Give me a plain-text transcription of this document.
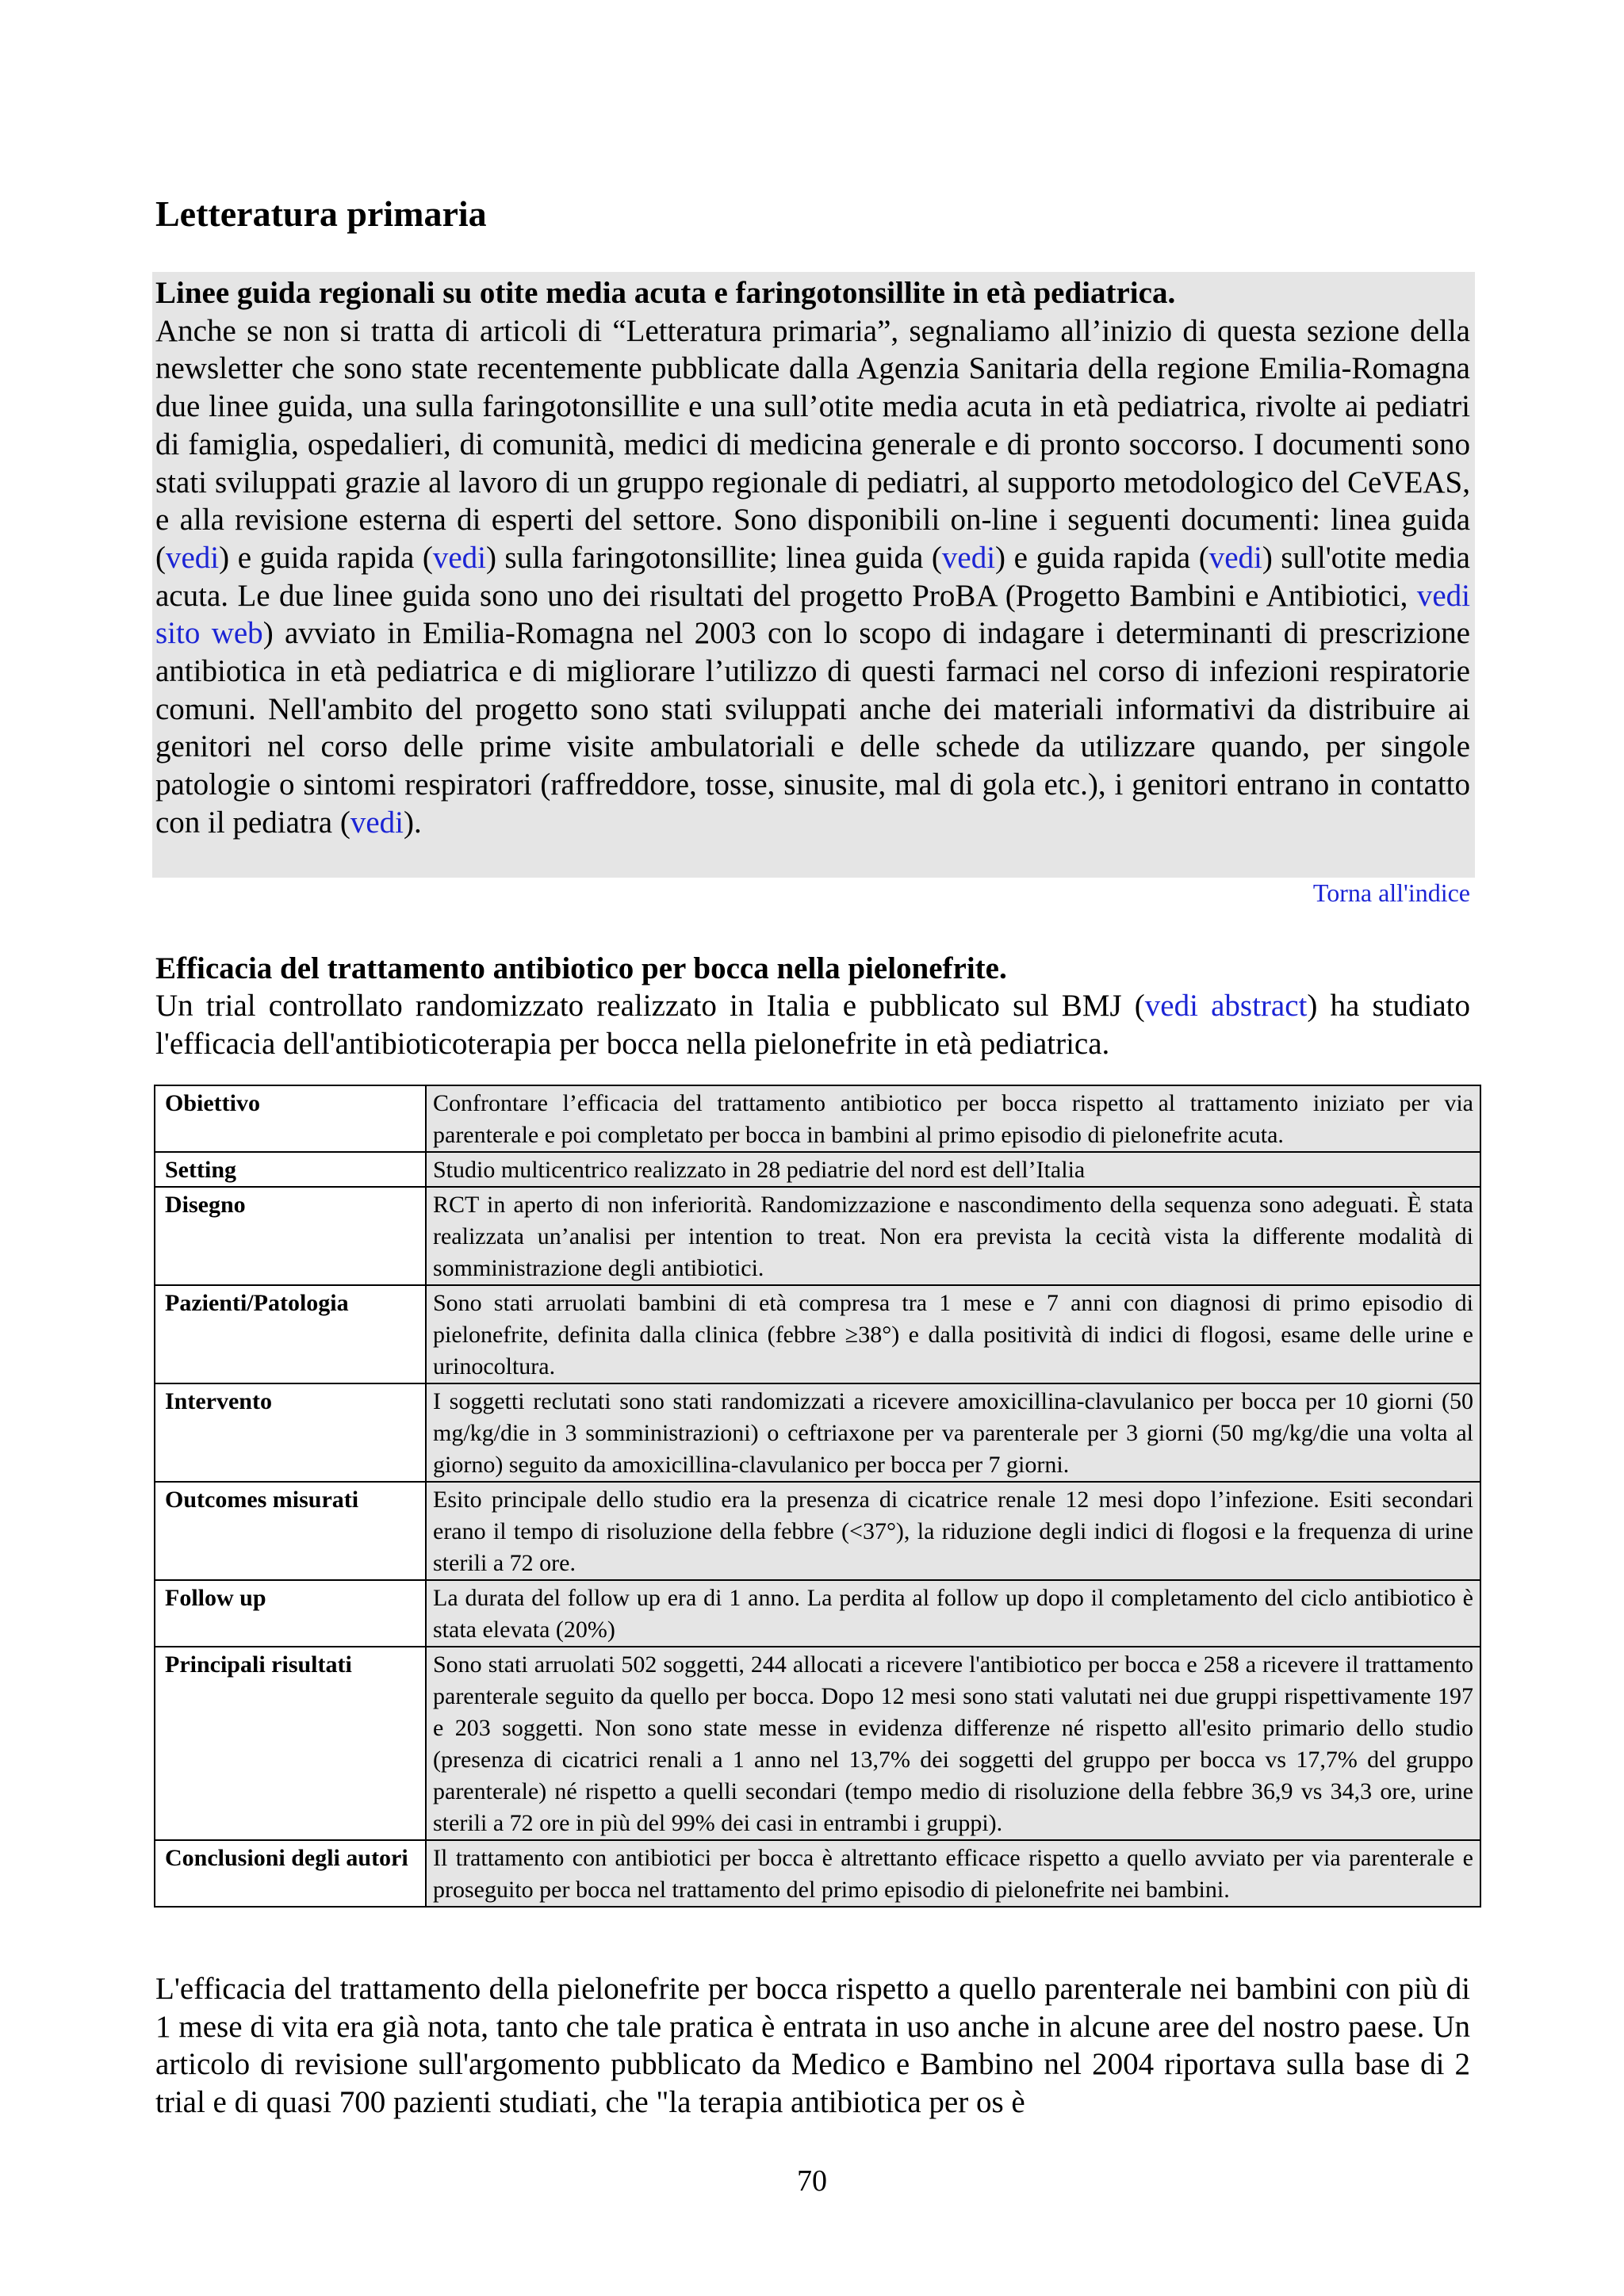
Letteratura primaria
Linee guida regionali su otite media acuta e faringotonsillite in età pediatrica.
Anche se non si tratta di articoli di “Letteratura primaria”, segnaliamo all’inizio di questa sezione della newsletter che sono state recentemente pubblicate dalla Agenzia Sanitaria della regione Emilia-Romagna due linee guida, una sulla faringotonsillite e una sull’otite media acuta in età pediatrica, rivolte ai pediatri di famiglia, ospedalieri, di comunità, medici di medicina generale e di pronto soccorso. I documenti sono stati sviluppati grazie al lavoro di un gruppo regionale di pediatri, al supporto metodologico del CeVEAS, e alla revisione esterna di esperti del settore. Sono disponibili on-line i seguenti documenti: linea guida (vedi) e guida rapida (vedi) sulla faringotonsillite; linea guida (vedi) e guida rapida (vedi) sull'otite media acuta. Le due linee guida sono uno dei risultati del progetto ProBA (Progetto Bambini e Antibiotici, vedi sito web) avviato in Emilia-Romagna nel 2003 con lo scopo di indagare i determinanti di prescrizione antibiotica in età pediatrica e di migliorare l’utilizzo di questi farmaci nel corso di infezioni respiratorie comuni. Nell'ambito del progetto sono stati sviluppati anche dei materiali informativi da distribuire ai genitori nel corso delle prime visite ambulatoriali e delle schede da utilizzare quando, per singole patologie o sintomi respiratori (raffreddore, tosse, sinusite, mal di gola etc.), i genitori entrano in contatto con il pediatra (vedi).
Torna all'indice
Efficacia del trattamento antibiotico per bocca nella pielonefrite.
Un trial controllato randomizzato realizzato in Italia e pubblicato sul BMJ (vedi abstract) ha studiato l'efficacia dell'antibioticoterapia per bocca nella pielonefrite in età pediatrica.
Obiettivo	Confrontare l’efficacia del trattamento antibiotico per bocca rispetto al trattamento iniziato per via parenterale e poi completato per bocca in bambini al primo episodio di pielonefrite acuta.
Setting	Studio multicentrico realizzato in 28 pediatrie del nord est dell’Italia
Disegno	RCT in aperto di non inferiorità. Randomizzazione e nascondimento della sequenza sono adeguati. È stata realizzata un’analisi per intention to treat. Non era prevista la cecità vista la differente modalità di somministrazione degli antibiotici.
Pazienti/Patologia	Sono stati arruolati bambini di età compresa tra 1 mese e 7 anni con diagnosi di primo episodio di pielonefrite, definita dalla clinica (febbre ≥38°) e dalla positività di indici di flogosi, esame delle urine e urinocoltura.
Intervento	I soggetti reclutati sono stati randomizzati a ricevere amoxicillina-clavulanico per bocca per 10 giorni (50 mg/kg/die in 3 somministrazioni) o ceftriaxone per va parenterale per 3 giorni (50 mg/kg/die una volta al giorno) seguito da amoxicillina-clavulanico per bocca per 7 giorni.
Outcomes misurati	Esito principale dello studio era la presenza di cicatrice renale 12 mesi dopo l’infezione. Esiti secondari erano il tempo di risoluzione della febbre (<37°), la riduzione degli indici di flogosi e la frequenza di urine sterili a 72 ore.
Follow up	La durata del follow up era di 1 anno. La perdita al follow up dopo il completamento del ciclo antibiotico è stata elevata (20%)
Principali risultati	Sono stati arruolati 502 soggetti, 244 allocati a ricevere l'antibiotico per bocca e 258 a ricevere il trattamento parenterale seguito da quello per bocca. Dopo 12 mesi sono stati valutati nei due gruppi rispettivamente 197 e 203 soggetti. Non sono state messe in evidenza differenze né rispetto all'esito primario dello studio (presenza di cicatrici renali a 1 anno nel 13,7% dei soggetti del gruppo per bocca vs 17,7% del gruppo parenterale) né rispetto a quelli secondari (tempo medio di risoluzione della febbre 36,9 vs 34,3 ore, urine sterili a 72 ore in più del 99% dei casi in entrambi i gruppi).
Conclusioni degli autori	Il trattamento con antibiotici per bocca è altrettanto efficace rispetto a quello avviato per via parenterale e proseguito per bocca nel trattamento del primo episodio di pielonefrite nei bambini.
L'efficacia del trattamento della pielonefrite per bocca rispetto a quello parenterale nei bambini con più di 1 mese di vita era già nota, tanto che tale pratica è entrata in uso anche in alcune aree del nostro paese. Un articolo di revisione sull'argomento pubblicato da Medico e Bambino nel 2004 riportava sulla base di 2 trial e di quasi 700 pazienti studiati, che "la terapia antibiotica per os è
70
